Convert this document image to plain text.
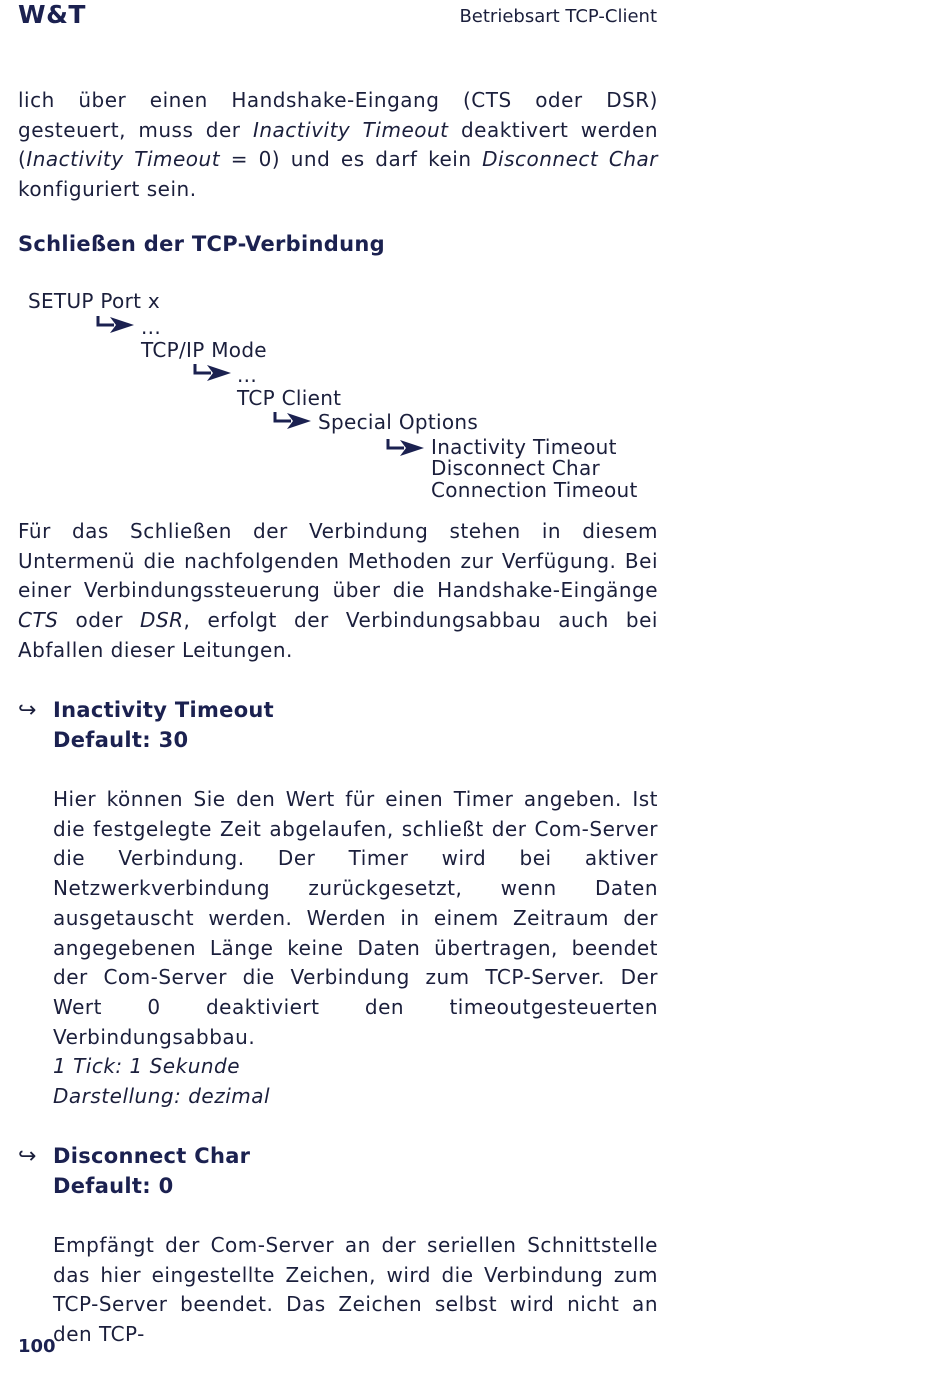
W&T	Betriebsart TCP-Client
lich über einen Handshake-Eingang (CTS oder DSR) gesteuert, muss der Inactivity Timeout deaktivert werden (Inactivity Timeout = 0) und es darf kein Disconnect Char konfiguriert sein.
Schließen der TCP-Verbindung
SETUP Port x
...
TCP/IP Mode
...
TCP Client
Special Options
Inactivity Timeout
Disconnect Char
Connection Timeout
Für das Schließen der Verbindung stehen in diesem Untermenü die nachfolgenden Methoden zur Verfügung. Bei einer Verbindungssteuerung über die Handshake-Eingänge CTS oder DSR, erfolgt der Verbindungsabbau auch bei Abfallen dieser Leitungen.
↪ Inactivity Timeout
Default: 30
Hier können Sie den Wert für einen Timer angeben. Ist die festgelegte Zeit abgelaufen, schließt der Com-Server die Verbindung. Der Timer wird bei aktiver Netzwerkverbindung zurückgesetzt, wenn Daten ausgetauscht werden. Werden in einem Zeitraum der angegebenen Länge keine Daten übertragen, beendet der Com-Server die Verbindung zum TCP-Server. Der Wert 0 deaktiviert den timeoutgesteuerten Verbindungsabbau.
1 Tick: 1 Sekunde
Darstellung: dezimal
↪ Disconnect Char
Default: 0
Empfängt der Com-Server an der seriellen Schnittstelle das hier eingestellte Zeichen, wird die Verbindung zum TCP-Server beendet. Das Zeichen selbst wird nicht an den TCP-
100
